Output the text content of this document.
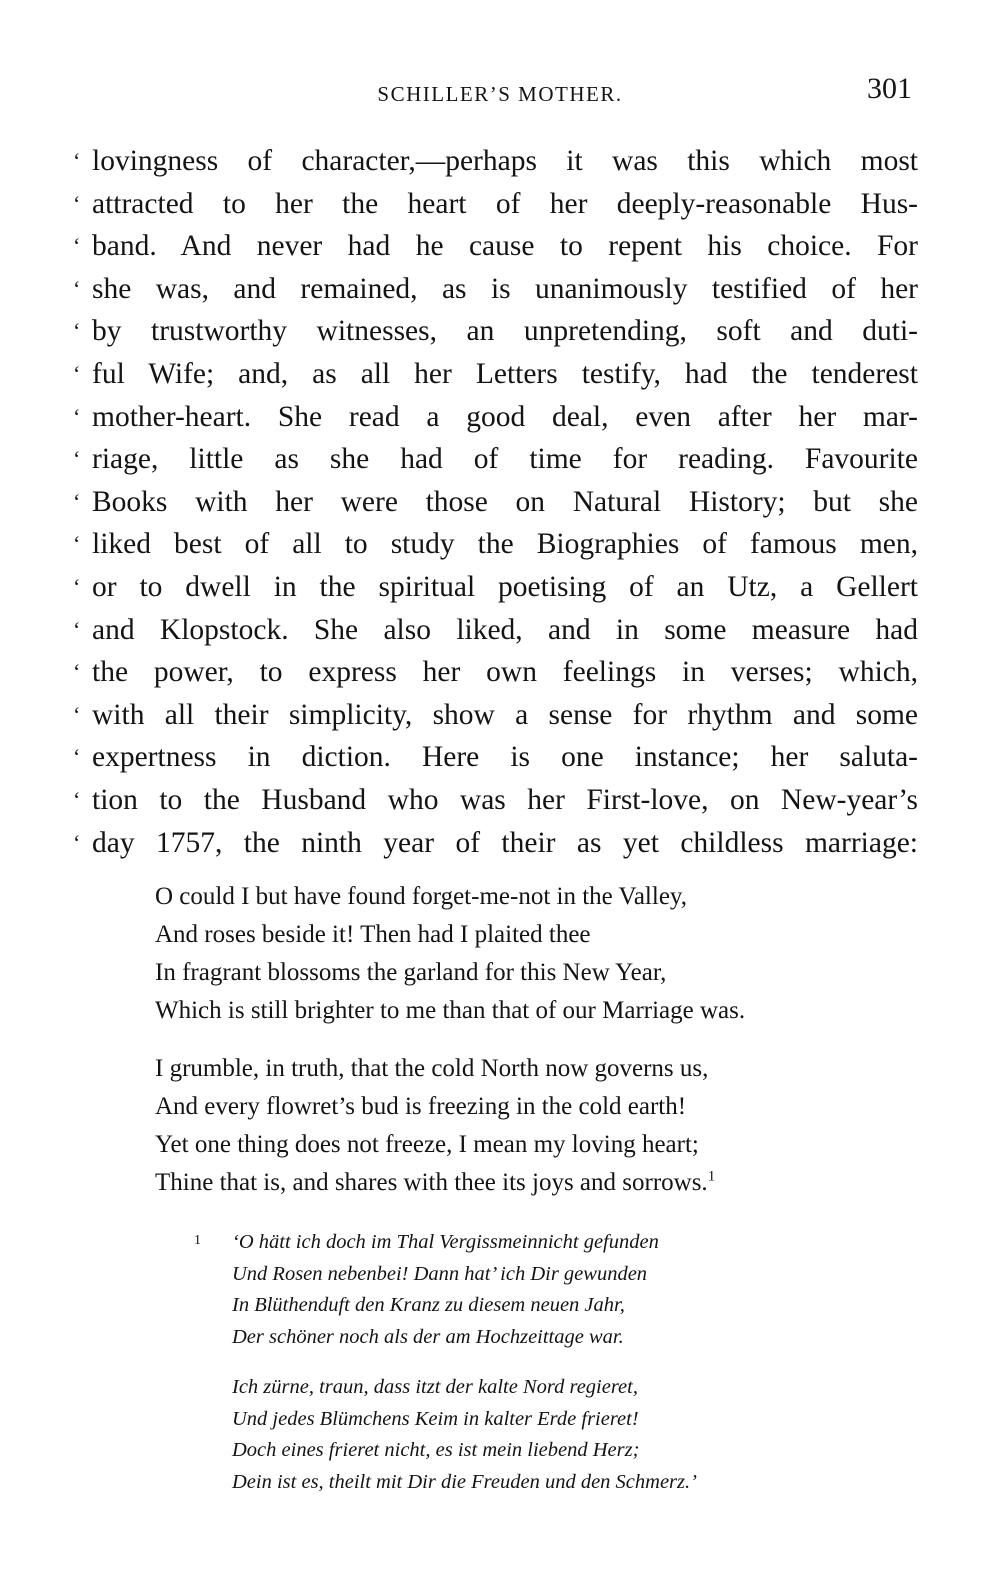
SCHILLER’S MOTHER.	301
‘ lovingness of character,—perhaps it was this which most
‘ attracted to her the heart of her deeply-reasonable Hus-
‘ band. And never had he cause to repent his choice. For
‘ she was, and remained, as is unanimously testified of her
‘ by trustworthy witnesses, an unpretending, soft and duti-
‘ ful Wife; and, as all her Letters testify, had the tenderest
‘ mother-heart. She read a good deal, even after her mar-
‘ riage, little as she had of time for reading. Favourite
‘ Books with her were those on Natural History; but she
‘ liked best of all to study the Biographies of famous men,
‘ or to dwell in the spiritual poetising of an Utz, a Gellert
‘ and Klopstock. She also liked, and in some measure had
‘ the power, to express her own feelings in verses; which,
‘ with all their simplicity, show a sense for rhythm and some
‘ expertness in diction. Here is one instance; her saluta-
‘ tion to the Husband who was her First-love, on New-year’s
‘ day 1757, the ninth year of their as yet childless marriage:
O could I but have found forget-me-not in the Valley,
And roses beside it! Then had I plaited thee
In fragrant blossoms the garland for this New Year,
Which is still brighter to me than that of our Marriage was.
I grumble, in truth, that the cold North now governs us,
And every flowret’s bud is freezing in the cold earth!
Yet one thing does not freeze, I mean my loving heart;
Thine that is, and shares with thee its joys and sorrows.$^1$
1 ‘O hätt ich doch im Thal Vergissmeinnicht gefunden
Und Rosen nebenbei! Dann hat’ ich Dir gewunden
In Blüthenduft den Kranz zu diesem neuen Jahr,
Der schöner noch als der am Hochzeittage war.
Ich zürne, traun, dass itzt der kalte Nord regieret,
Und jedes Blümchens Keim in kalter Erde frieret!
Doch eines frieret nicht, es ist mein liebend Herz;
Dein ist es, theilt mit Dir die Freuden und den Schmerz.’
